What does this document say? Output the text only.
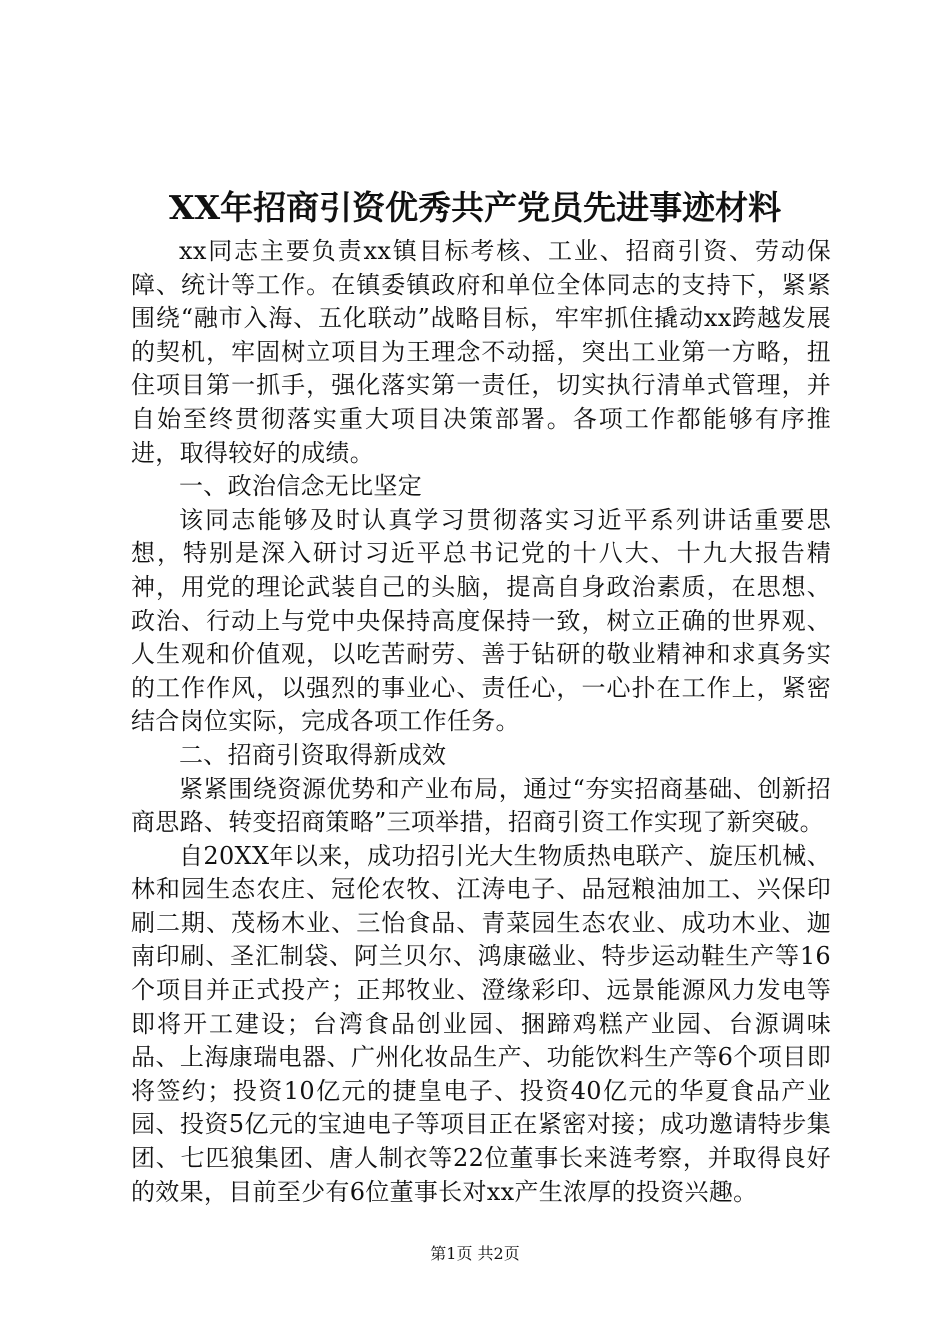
XX年招商引资优秀共产党员先进事迹材料

xx同志主要负责xx镇目标考核、工业、招商引资、劳动保障、统计等工作。在镇委镇政府和单位全体同志的支持下，紧紧围绕“融市入海、五化联动”战略目标，牢牢抓住撬动xx跨越发展的契机，牢固树立项目为王理念不动摇，突出工业第一方略，扭住项目第一抓手，强化落实第一责任，切实执行清单式管理，并自始至终贯彻落实重大项目决策部署。各项工作都能够有序推进，取得较好的成绩。

一、政治信念无比坚定

该同志能够及时认真学习贯彻落实习近平系列讲话重要思想，特别是深入研讨习近平总书记党的十八大、十九大报告精神，用党的理论武装自己的头脑，提高自身政治素质，在思想、政治、行动上与党中央保持高度保持一致，树立正确的世界观、人生观和价值观，以吃苦耐劳、善于钻研的敬业精神和求真务实的工作作风，以强烈的事业心、责任心，一心扑在工作上，紧密结合岗位实际，完成各项工作任务。

二、招商引资取得新成效

紧紧围绕资源优势和产业布局，通过“夯实招商基础、创新招商思路、转变招商策略”三项举措，招商引资工作实现了新突破。

自20XX年以来，成功招引光大生物质热电联产、旋压机械、林和园生态农庄、冠伦农牧、江涛电子、品冠粮油加工、兴保印刷二期、茂杨木业、三怡食品、青菜园生态农业、成功木业、迦南印刷、圣汇制袋、阿兰贝尔、鸿康磁业、特步运动鞋生产等16个项目并正式投产；正邦牧业、澄缘彩印、远景能源风力发电等即将开工建设；台湾食品创业园、捆蹄鸡糕产业园、台源调味品、上海康瑞电器、广州化妆品生产、功能饮料生产等6个项目即将签约；投资10亿元的捷皇电子、投资40亿元的华夏食品产业园、投资5亿元的宝迪电子等项目正在紧密对接；成功邀请特步集团、七匹狼集团、唐人制衣等22位董事长来涟考察，并取得良好的效果，目前至少有6位董事长对xx产生浓厚的投资兴趣。

第1页 共2页
